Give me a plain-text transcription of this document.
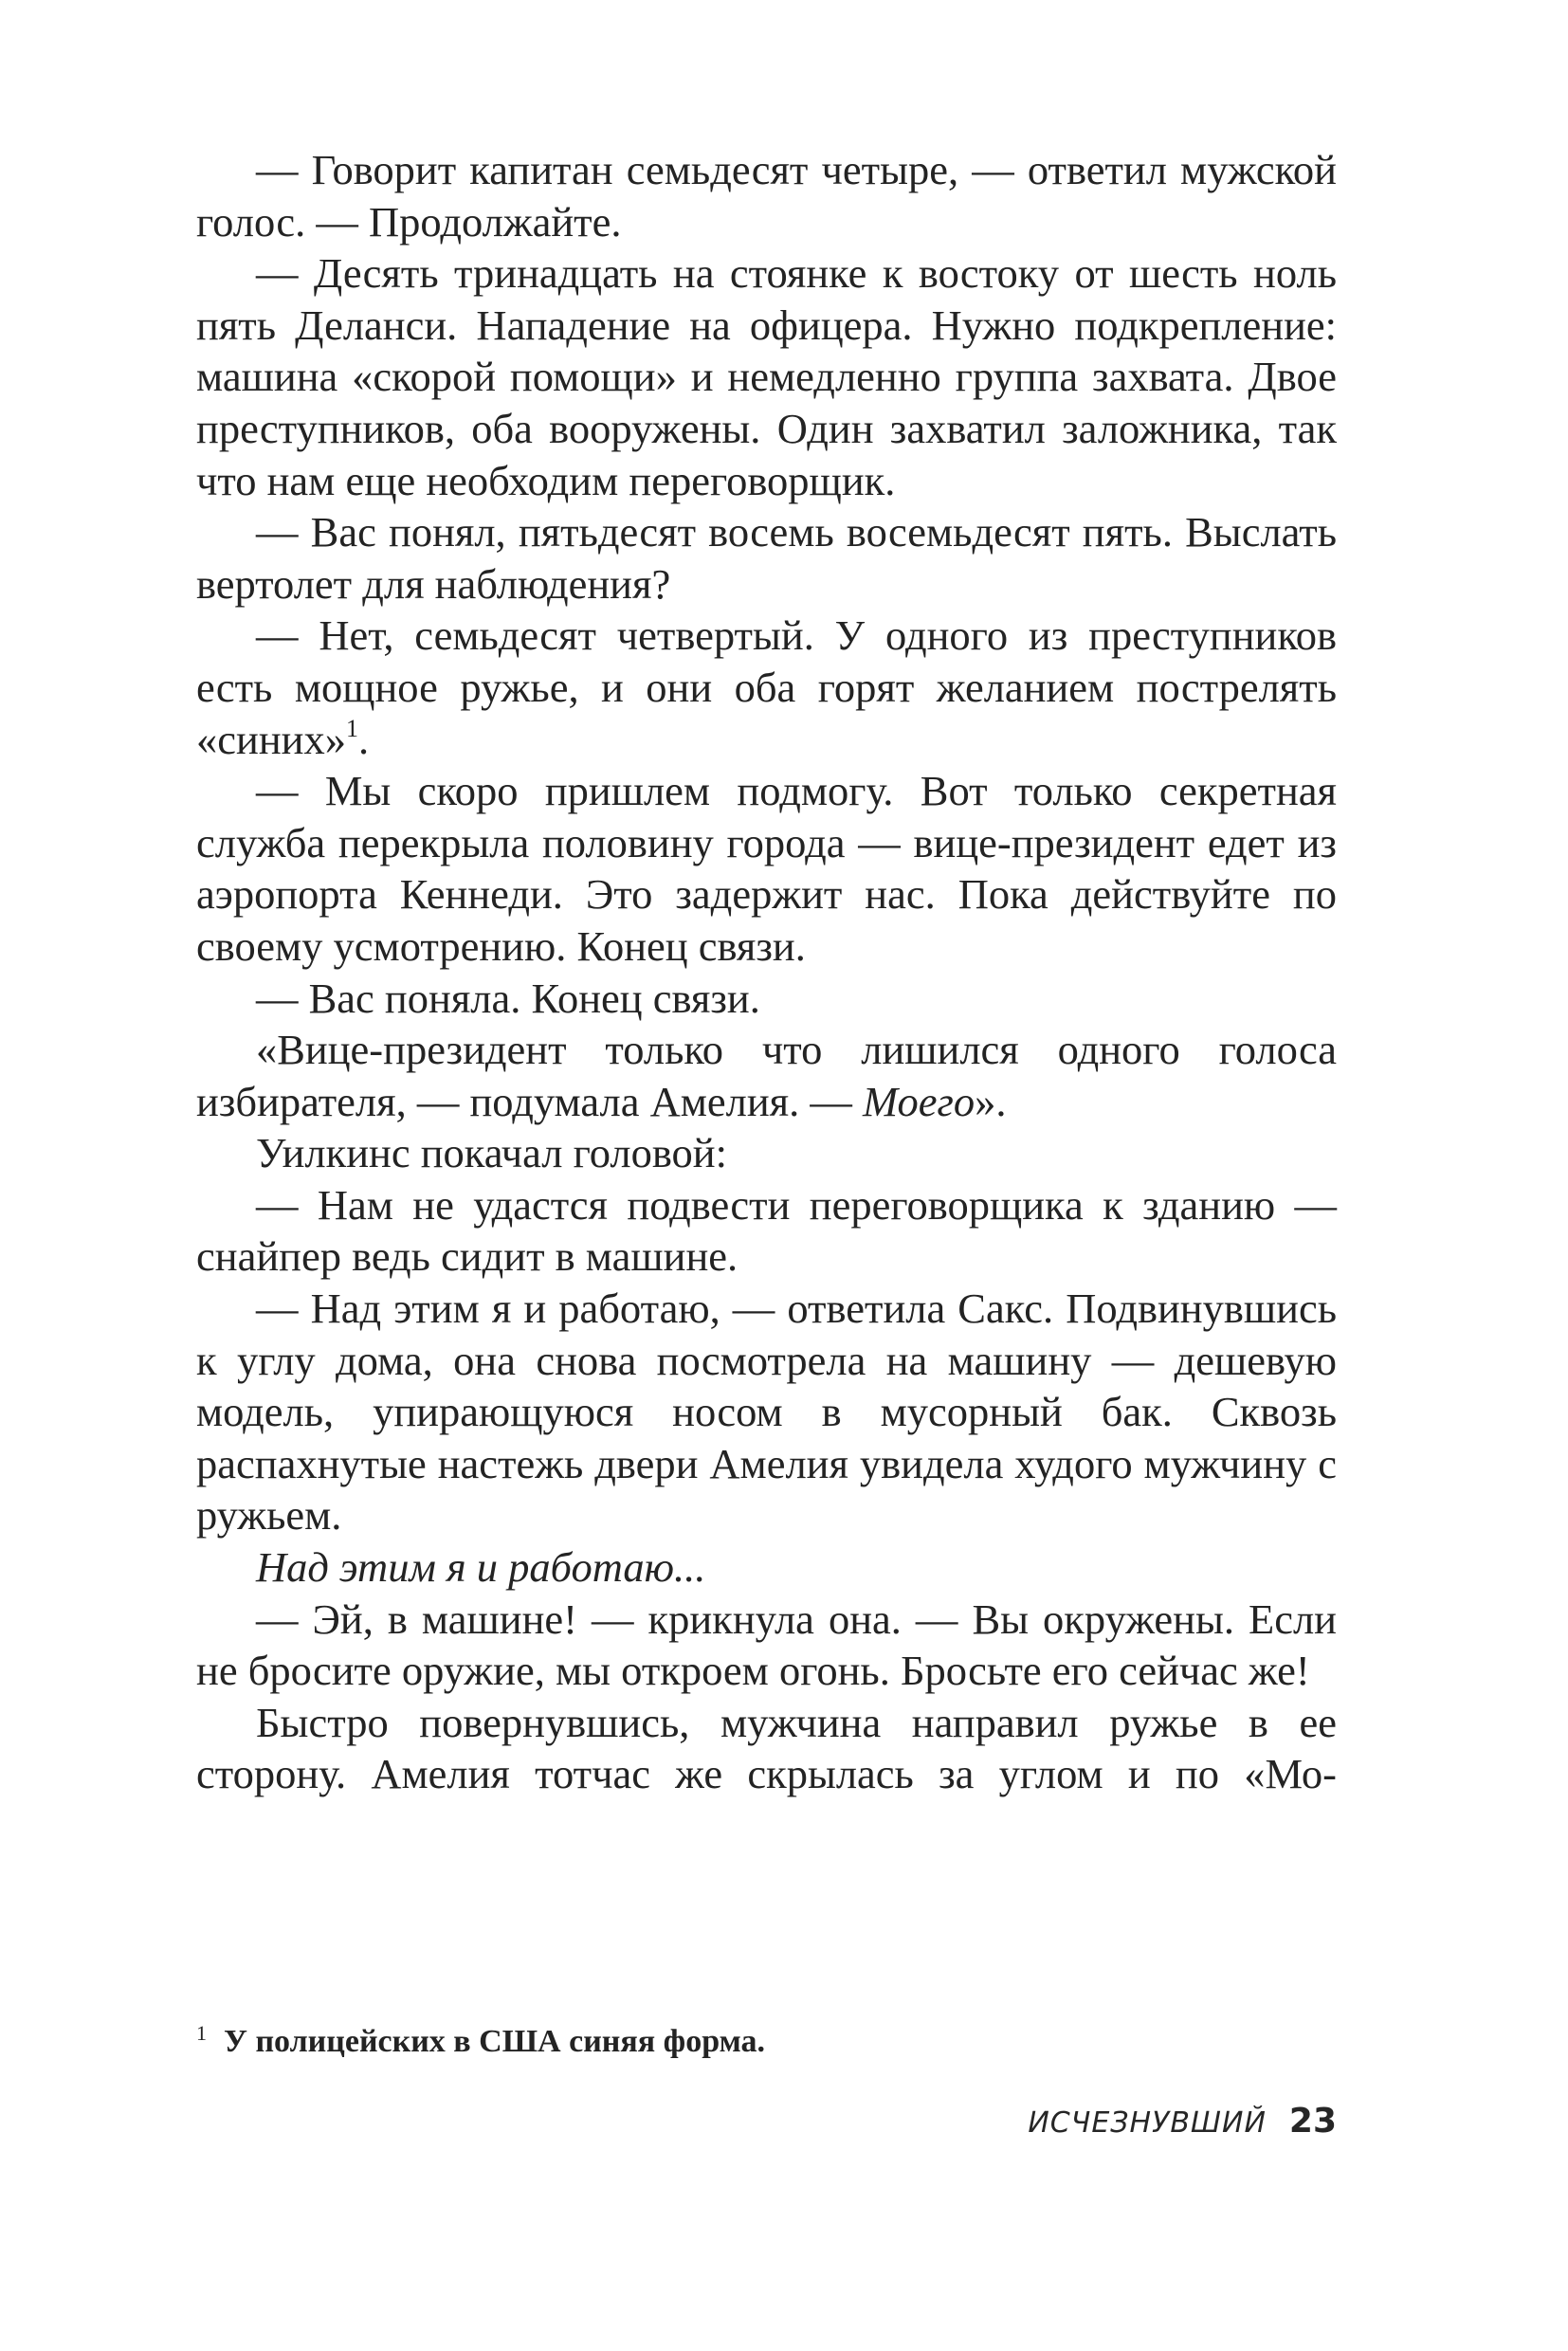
— Говорит капитан семьдесят четыре, — ответил мужской голос. — Продолжайте.

— Десять тринадцать на стоянке к востоку от шесть ноль пять Деланси. Нападение на офицера. Нужно подкрепление: машина «скорой помощи» и немедленно группа захвата. Двое преступников, оба вооружены. Один захватил заложника, так что нам еще необходим переговорщик.

— Вас понял, пятьдесят восемь восемьдесят пять. Выслать вертолет для наблюдения?

— Нет, семьдесят четвертый. У одного из преступников есть мощное ружье, и они оба горят желанием пострелять «синих»$^1$.

— Мы скоро пришлем подмогу. Вот только секретная служба перекрыла половину города — вице-президент едет из аэропорта Кеннеди. Это задержит нас. Пока действуйте по своему усмотрению. Конец связи.

— Вас поняла. Конец связи.

«Вице-президент только что лишился одного голоса избирателя, — подумала Амелия. — Моего».

Уилкинс покачал головой:

— Нам не удастся подвести переговорщика к зданию — снайпер ведь сидит в машине.

— Над этим я и работаю, — ответила Сакс. Подвинувшись к углу дома, она снова посмотрела на машину — дешевую модель, упирающуюся носом в мусорный бак. Сквозь распахнутые настежь двери Амелия увидела худого мужчину с ружьем.

Над этим я и работаю...

— Эй, в машине! — крикнула она. — Вы окружены. Если не бросите оружие, мы откроем огонь. Бросьте его сейчас же!

Быстро повернувшись, мужчина направил ружье в ее сторону. Амелия тотчас же скрылась за углом и по «Мо-

$^1$ У полицейских в США синяя форма.
ИСЧЕЗНУВШИЙ 23
